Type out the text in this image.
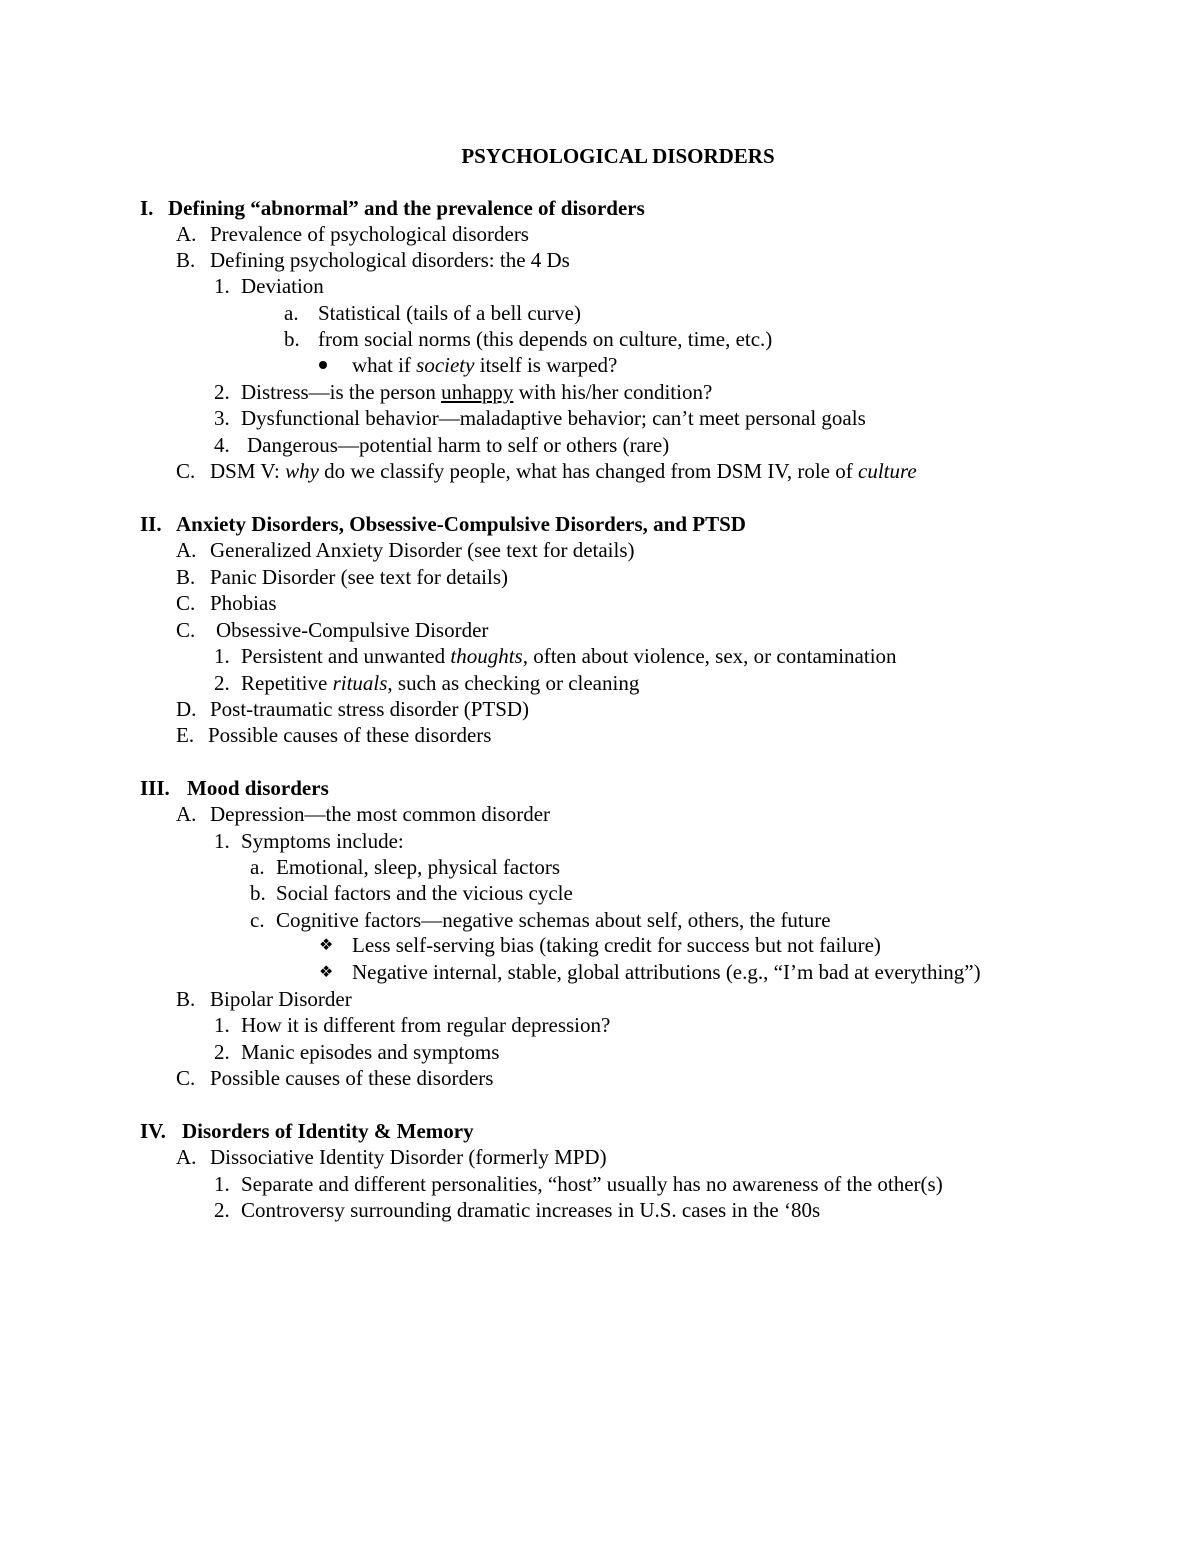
PSYCHOLOGICAL DISORDERS
I. Defining “abnormal” and the prevalence of disorders
A. Prevalence of psychological disorders
B. Defining psychological disorders: the 4 Ds
1. Deviation
a. Statistical (tails of a bell curve)
b. from social norms (this depends on culture, time, etc.)
what if society itself is warped?
2. Distress—is the person unhappy with his/her condition?
3. Dysfunctional behavior—maladaptive behavior; can’t meet personal goals
4. Dangerous—potential harm to self or others (rare)
C. DSM V: why do we classify people, what has changed from DSM IV, role of culture
II. Anxiety Disorders, Obsessive-Compulsive Disorders, and PTSD
A. Generalized Anxiety Disorder (see text for details)
B. Panic Disorder (see text for details)
C. Phobias
C. Obsessive-Compulsive Disorder
1. Persistent and unwanted thoughts, often about violence, sex, or contamination
2. Repetitive rituals, such as checking or cleaning
D. Post-traumatic stress disorder (PTSD)
E. Possible causes of these disorders
III. Mood disorders
A. Depression—the most common disorder
1. Symptoms include:
a. Emotional, sleep, physical factors
b. Social factors and the vicious cycle
c. Cognitive factors—negative schemas about self, others, the future
❖ Less self-serving bias (taking credit for success but not failure)
❖ Negative internal, stable, global attributions (e.g., “I’m bad at everything”)
B. Bipolar Disorder
1. How it is different from regular depression?
2. Manic episodes and symptoms
C. Possible causes of these disorders
IV. Disorders of Identity & Memory
A. Dissociative Identity Disorder (formerly MPD)
1. Separate and different personalities, “host” usually has no awareness of the other(s)
2. Controversy surrounding dramatic increases in U.S. cases in the ‘80s
